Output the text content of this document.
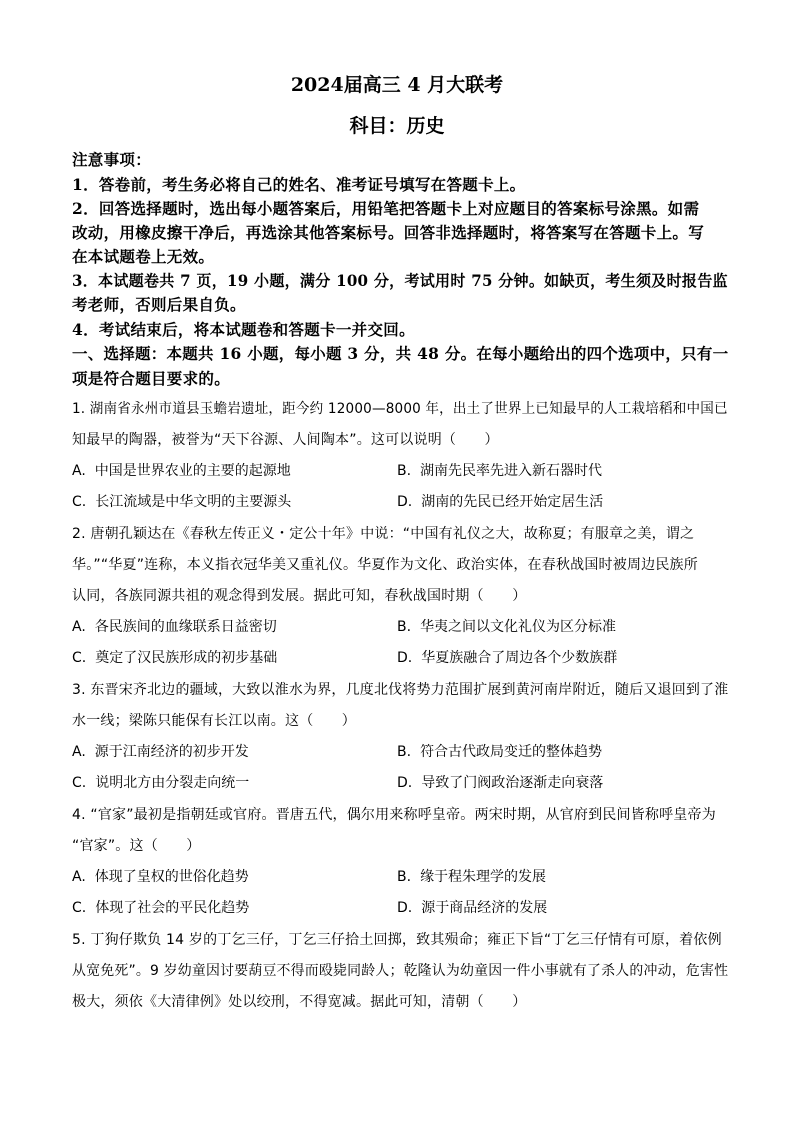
2024届高三 4 月大联考
科目：历史
注意事项：
1．答卷前，考生务必将自己的姓名、准考证号填写在答题卡上。
2．回答选择题时，选出每小题答案后，用铅笔把答题卡上对应题目的答案标号涂黑。如需
改动，用橡皮擦干净后，再选涂其他答案标号。回答非选择题时，将答案写在答题卡上。写
在本试题卷上无效。
3．本试题卷共 7 页，19 小题，满分 100 分，考试用时 75 分钟。如缺页，考生须及时报告监
考老师，否则后果自负。
4．考试结束后，将本试题卷和答题卡一并交回。
一、选择题：本题共 16 小题，每小题 3 分，共 48 分。在每小题给出的四个选项中，只有一
项是符合题目要求的。
1. 湖南省永州市道县玉蟾岩遗址，距今约 12000—8000 年，出土了世界上已知最早的人工栽培稻和中国已
知最早的陶器，被誉为“天下谷源、人间陶本”。这可以说明（　　）
A. 中国是世界农业的主要的起源地	B. 湖南先民率先进入新石器时代
C. 长江流域是中华文明的主要源头	D. 湖南的先民已经开始定居生活
2. 唐朝孔颖达在《春秋左传正义・定公十年》中说：“中国有礼仪之大，故称夏；有服章之美，谓之
华。”“华夏”连称，本义指衣冠华美又重礼仪。华夏作为文化、政治实体，在春秋战国时被周边民族所
认同，各族同源共祖的观念得到发展。据此可知，春秋战国时期（　　）
A. 各民族间的血缘联系日益密切	B. 华夷之间以文化礼仪为区分标准
C. 奠定了汉民族形成的初步基础	D. 华夏族融合了周边各个少数族群
3. 东晋宋齐北边的疆域，大致以淮水为界，几度北伐将势力范围扩展到黄河南岸附近，随后又退回到了淮
水一线；梁陈只能保有长江以南。这（　　）
A. 源于江南经济的初步开发	B. 符合古代政局变迁的整体趋势
C. 说明北方由分裂走向统一	D. 导致了门阀政治逐渐走向衰落
4. “官家”最初是指朝廷或官府。晋唐五代，偶尔用来称呼皇帝。两宋时期，从官府到民间皆称呼皇帝为
“官家”。这（　　）
A. 体现了皇权的世俗化趋势	B. 缘于程朱理学的发展
C. 体现了社会的平民化趋势	D. 源于商品经济的发展
5. 丁狗仔欺负 14 岁的丁乞三仔，丁乞三仔拾土回掷，致其殒命；雍正下旨“丁乞三仔情有可原，着依例
从宽免死”。9 岁幼童因讨要葫豆不得而殴毙同龄人；乾隆认为幼童因一件小事就有了杀人的冲动，危害性
极大，须依《大清律例》处以绞刑，不得宽减。据此可知，清朝（　　）
